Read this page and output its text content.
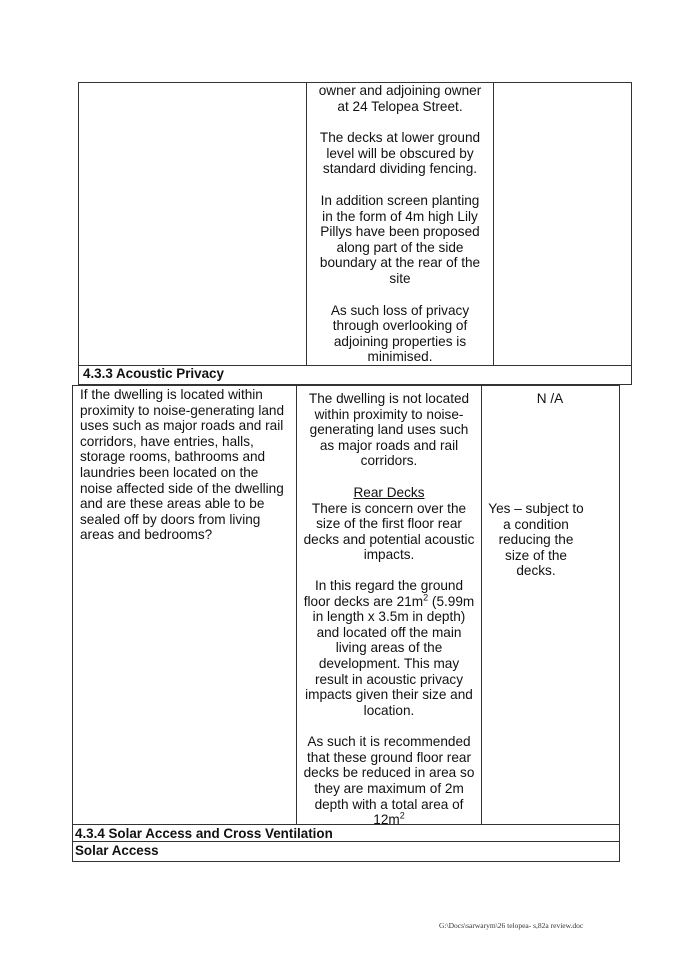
owner and adjoining owner at 24 Telopea Street.

The decks at lower ground level will be obscured by standard dividing fencing.

In addition screen planting in the form of 4m high Lily Pillys have been proposed along part of the side boundary at the rear of the site

As such loss of privacy through overlooking of adjoining properties is minimised.

4.3.3 Acoustic Privacy
If the dwelling is located within proximity to noise-generating land uses such as major roads and rail corridors, have entries, halls, storage rooms, bathrooms and laundries been located on the noise affected side of the dwelling and are these areas able to be sealed off by doors from living areas and bedrooms?

The dwelling is not located within proximity to noise-generating land uses such as major roads and rail corridors.

Rear Decks
There is concern over the size of the first floor rear decks and potential acoustic impacts.

In this regard the ground floor decks are $21m^2$ (5.99m in length x 3.5m in depth) and located off the main living areas of the development. This may result in acoustic privacy impacts given their size and location.

As such it is recommended that these ground floor rear decks be reduced in area so they are maximum of 2m depth with a total area of $12m^2$

N /A
Yes – subject to a condition reducing the size of the decks.
4.3.4 Solar Access and Cross Ventilation
Solar Access
G:\Docs\sarwarym\26 telopea- s,82a review.doc
